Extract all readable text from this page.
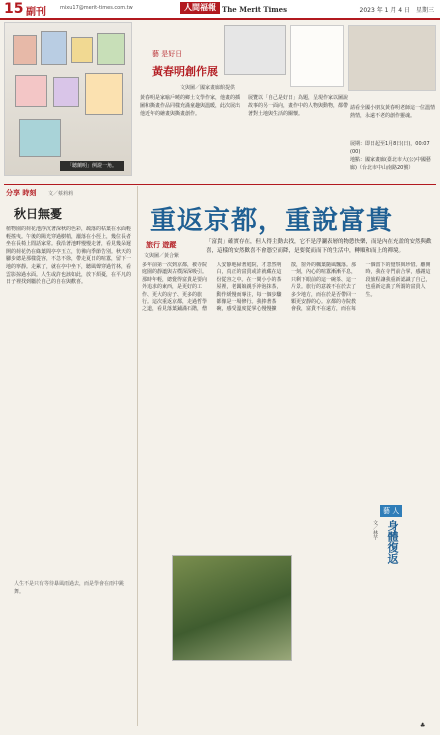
15 副刊	mixu17@merit-times.com.tw	人間福報 The Merit Times	2023 年 1 月 4 日　星期三
「聽蘭明」例證一角。
藝 是好日
黃春明創作展
文與圖／國家畫廊館提供
黃春明是家喻戶曉的鄉土文學作家，他畫的插圖和撕畫作品同樣充滿童趣與溫暖，此次展出他近年的繪畫與撕畫創作。
展覽以「自己是好日」為題，呈現作家以圖說故事的另一面向，畫作中的人物與動物，都帶著對土地與生活的關懷。
請看全國小朋友黃春明老師這一位溫情熱情，永遠不老的創作靈魂。
展期：即日起至1月8日(日)，00:07 (00)
地點：國家畫廊(臺北市大(公)中國藝廊)（台北市中山南路20號）
分享 時刻 文／蔡莉莉
秋日無憂
植物園的荷花池浮沉著深秋的色彩，疏落的枯葉在水面輕輕搖曳。午後的陽光穿過樹梢，灑落在小徑上，幾位長者坐在長椅上閒話家常。我沿著池畔慢慢走著，看見幾朵遲開的荷花仍在綠葉間亭亭玉立，彷彿向季節告別。秋天的腳步總是那樣從容，不急不徐，帶走夏日的喧囂，留下一地的寧靜。走累了，就在亭中坐下，聽風聲穿過竹林，看雲影掠過水面。人生或許也該如此，放下煩憂，在平凡的日子裡找到屬於自己的自在與歡喜。
人生不是只有等待暴風雨過去，而是學會在雨中跳舞。
重返京都，重說富貴
旅行 遊蹤
文與圖／黃合紫
「富貴」確實存在，但人得主動去找，它不是浮瀾表層的物慾快樂，而是內在充盈的安然與歡喜，這樣的安然歡喜不會憑空而降，是要從而而下的生活中，轉順和而上的禪境。
多年前第一次到京都，被寺院庭園的靜謐與古樸深深吸引。那時年輕，總覺得富貴是要向外追求的東西，是更好的工作、更大的房子、更多的旅行。這次重返京都，走過哲學之道，看見落葉鋪滿石階，僧人安靜地掃著庭院，才忽然明白，真正的富貴或許就藏在這份從容之中。在一間小小的茶屋裡，老闆娘親手沖泡抹茶，動作緩慢而專注，每一個步驟都像是一場修行。我捧著茶碗，感受溫度從掌心慢慢擴散，窗外的楓葉隨風飄落。那一刻，內心的喧囂漸漸平息，只剩下眼前的這一碗茶、這一片景。旅行的意義不在於去了多少地方，而在於是否帶回一顆更安靜的心。京都的寺院教會我，富貴不在遠方，而在每一個當下的覺察與珍惜。離開時，我在寺門前合掌，感謝這段旅程讓我重新認識了自己，也重新定義了所謂的富貴人生。
藝 人
身體復返
文／林芊
♣
